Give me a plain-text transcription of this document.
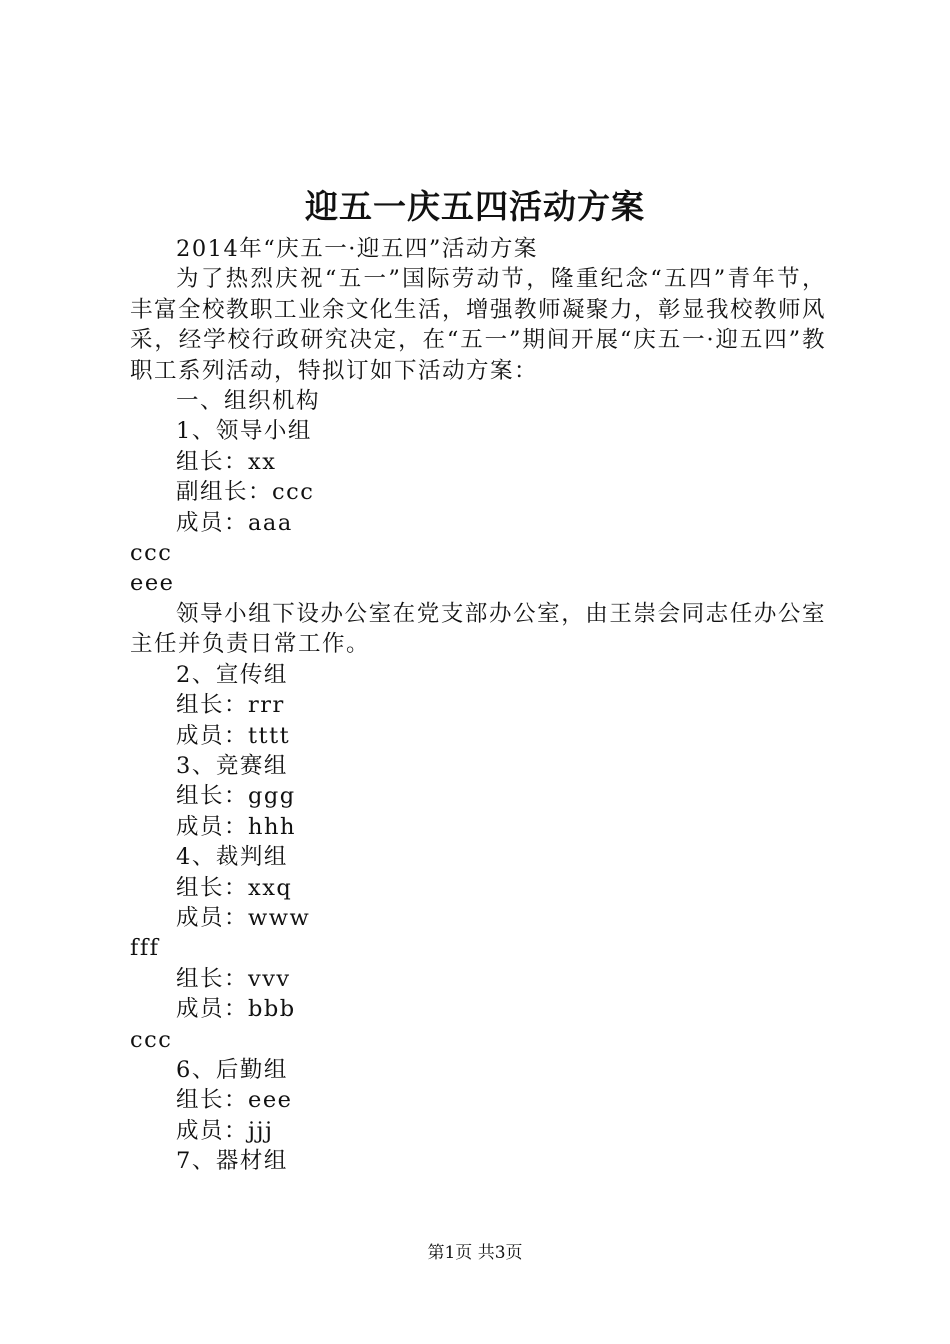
迎五一庆五四活动方案

2014年“庆五一·迎五四”活动方案

为了热烈庆祝“五一”国际劳动节，隆重纪念“五四”青年节，丰富全校教职工业余文化生活，增强教师凝聚力，彰显我校教师风采，经学校行政研究决定，在“五一”期间开展“庆五一·迎五四”教职工系列活动，特拟订如下活动方案：

一、组织机构

1、领导小组

组长：xx

副组长：ccc

成员：aaa

ccc

eee

领导小组下设办公室在党支部办公室，由王崇会同志任办公室主任并负责日常工作。

2、宣传组

组长：rrr

成员：tttt

3、竞赛组

组长：ggg

成员：hhh

4、裁判组

组长：xxq

成员：www

fff

组长：vvv

成员：bbb

ccc

6、后勤组

组长：eee

成员：jjj

7、器材组

第1页 共3页
